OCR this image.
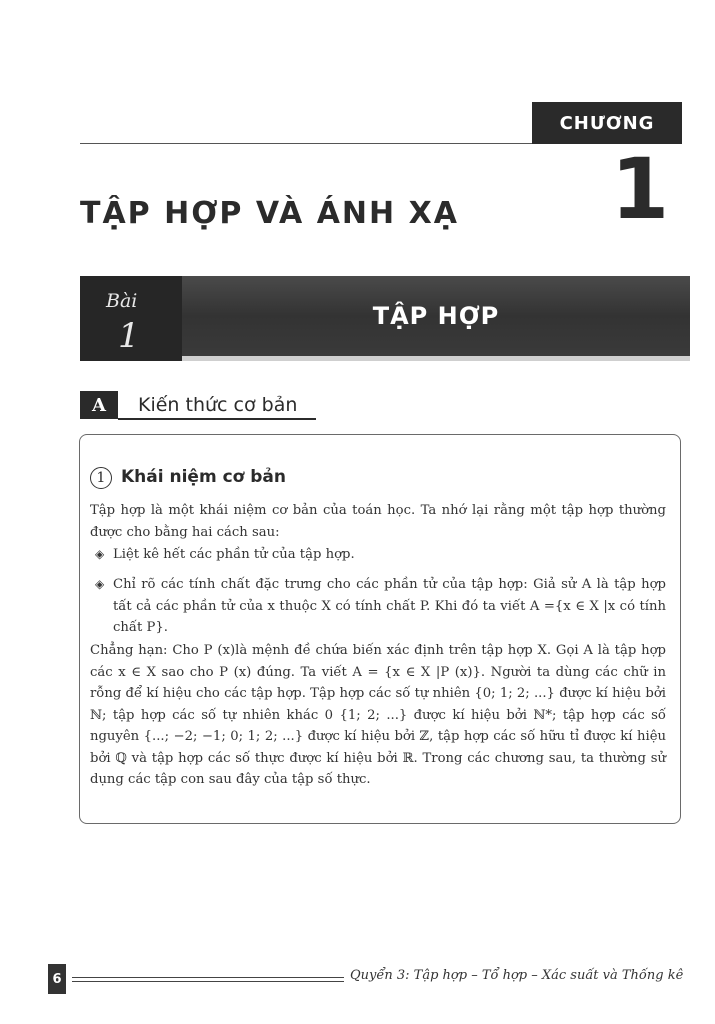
CHƯƠNG
TẬP HỢP VÀ ÁNH XẠ 1
Bài
1	TẬP HỢP
A	Kiến thức cơ bản
1 Khái niệm cơ bản
Tập hợp là một khái niệm cơ bản của toán học. Ta nhớ lại rằng một tập hợp thường được cho bằng hai cách sau:
◈ Liệt kê hết các phần tử của tập hợp.
◈ Chỉ rõ các tính chất đặc trưng cho các phần tử của tập hợp: Giả sử A là tập hợp tất cả các phần tử của x thuộc X có tính chất P. Khi đó ta viết A ={x ∈ X |x có tính chất P}.
Chẳng hạn: Cho P (x)là mệnh đề chứa biến xác định trên tập hợp X. Gọi A là tập hợp các x ∈ X sao cho P (x) đúng. Ta viết A = {x ∈ X |P (x)}. Người ta dùng các chữ in rỗng để kí hiệu cho các tập hợp. Tập hợp các số tự nhiên {0; 1; 2; ...} được kí hiệu bởi ℕ; tập hợp các số tự nhiên khác 0 {1; 2; ...} được kí hiệu bởi ℕ*; tập hợp các số nguyên {...; −2; −1; 0; 1; 2; ...} được kí hiệu bởi ℤ, tập hợp các số hữu tỉ được kí hiệu bởi ℚ và tập hợp các số thực được kí hiệu bởi ℝ. Trong các chương sau, ta thường sử dụng các tập con sau đây của tập số thực.
6	Quyển 3: Tập hợp – Tổ hợp – Xác suất và Thống kê
